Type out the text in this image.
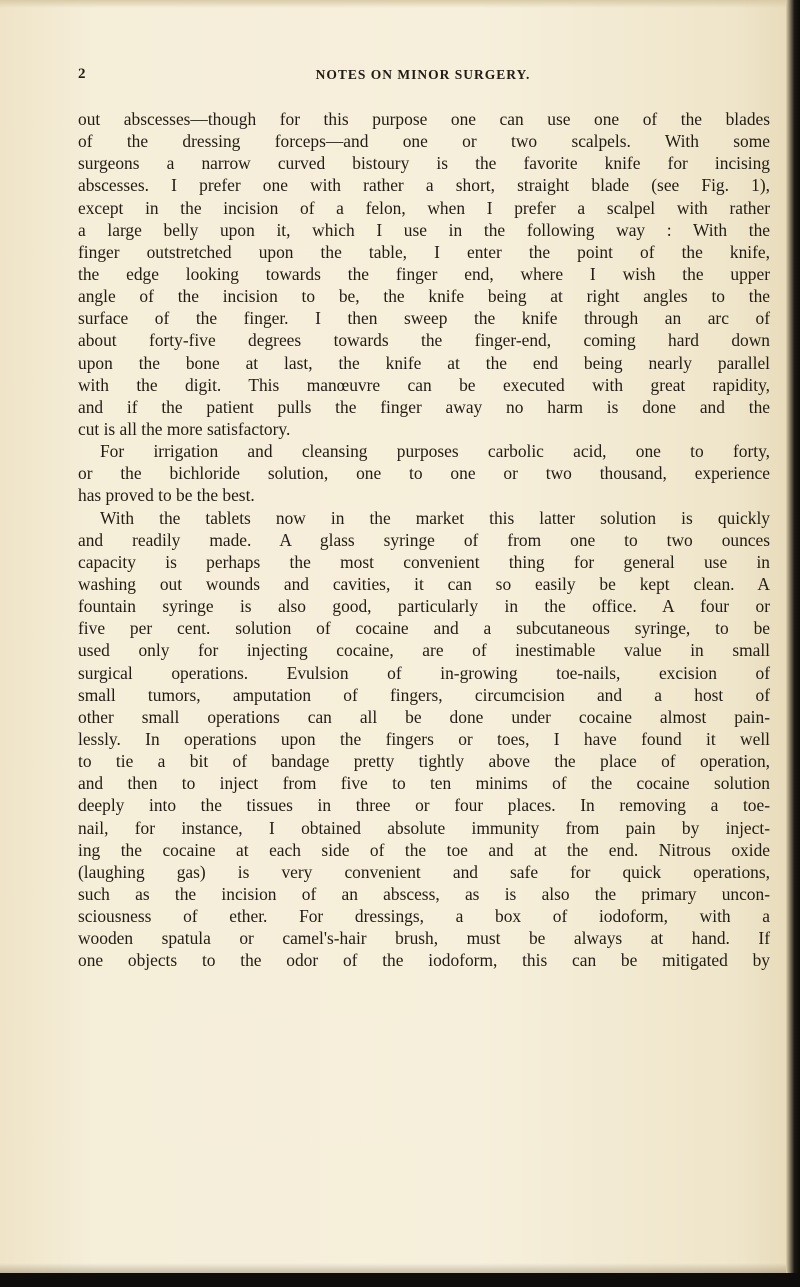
2	NOTES ON MINOR SURGERY.

out abscesses—though for this purpose one can use one of the blades

of the dressing forceps—and one or two scalpels. With some

surgeons a narrow curved bistoury is the favorite knife for incising

abscesses. I prefer one with rather a short, straight blade (see Fig. 1),

except in the incision of a felon, when I prefer a scalpel with rather

a large belly upon it, which I use in the following way : With the

finger outstretched upon the table, I enter the point of the knife,

the edge looking towards the finger end, where I wish the upper

angle of the incision to be, the knife being at right angles to the

surface of the finger. I then sweep the knife through an arc of

about forty-five degrees towards the finger-end, coming hard down

upon the bone at last, the knife at the end being nearly parallel

with the digit. This manœuvre can be executed with great rapidity,

and if the patient pulls the finger away no harm is done and the

cut is all the more satisfactory.

For irrigation and cleansing purposes carbolic acid, one to forty,

or the bichloride solution, one to one or two thousand, experience

has proved to be the best.

With the tablets now in the market this latter solution is quickly

and readily made. A glass syringe of from one to two ounces

capacity is perhaps the most convenient thing for general use in

washing out wounds and cavities, it can so easily be kept clean. A

fountain syringe is also good, particularly in the office. A four or

five per cent. solution of cocaine and a subcutaneous syringe, to be

used only for injecting cocaine, are of inestimable value in small

surgical operations. Evulsion of in-growing toe-nails, excision of

small tumors, amputation of fingers, circumcision and a host of

other small operations can all be done under cocaine almost pain-

lessly. In operations upon the fingers or toes, I have found it well

to tie a bit of bandage pretty tightly above the place of operation,

and then to inject from five to ten minims of the cocaine solution

deeply into the tissues in three or four places. In removing a toe-

nail, for instance, I obtained absolute immunity from pain by inject-

ing the cocaine at each side of the toe and at the end. Nitrous oxide

(laughing gas) is very convenient and safe for quick operations,

such as the incision of an abscess, as is also the primary uncon-

sciousness of ether. For dressings, a box of iodoform, with a

wooden spatula or camel's-hair brush, must be always at hand. If

one objects to the odor of the iodoform, this can be mitigated by
